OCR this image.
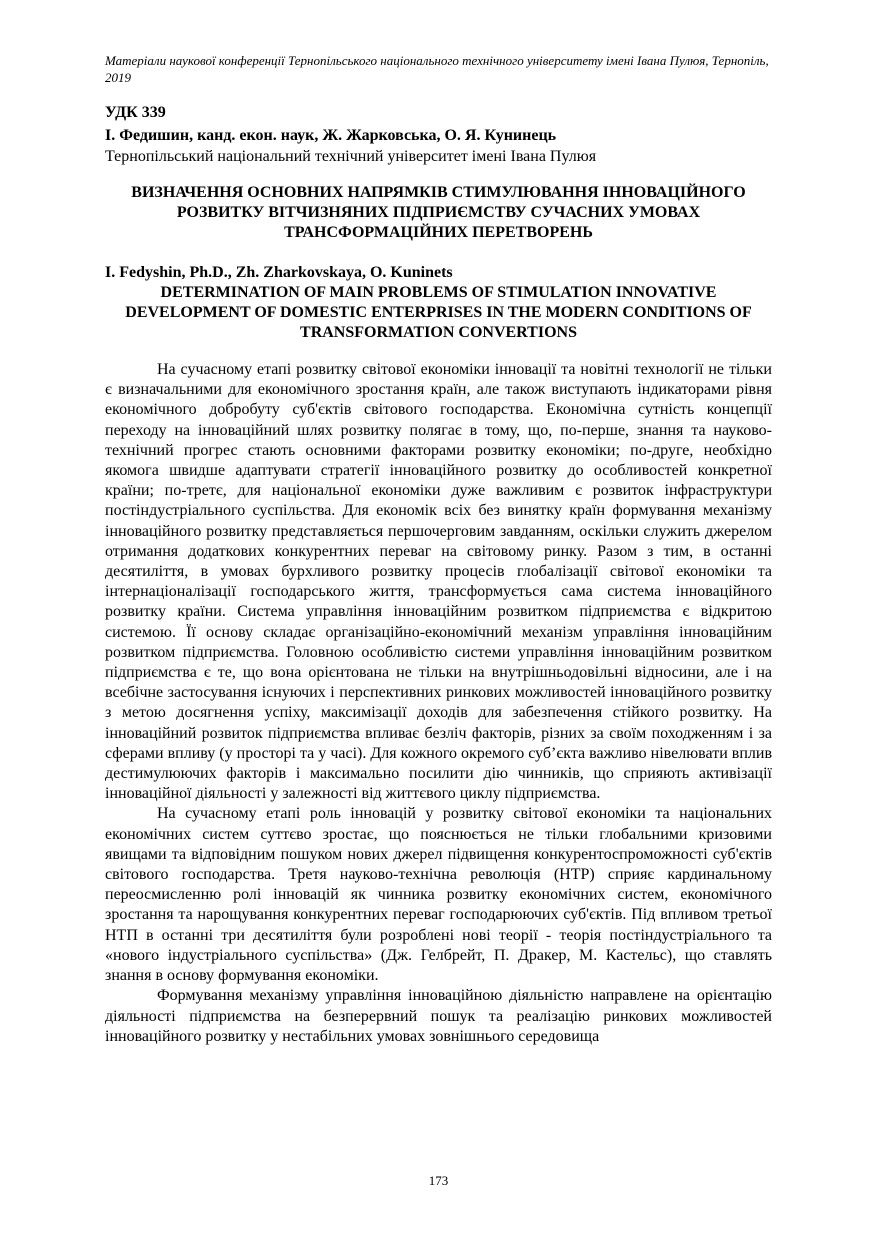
Матеріали наукової конференції Тернопільського національного технічного університету імені Івана Пулюя, Тернопіль, 2019
УДК 339
І. Федишин, канд. екон. наук, Ж. Жарковська, О. Я. Кунинець
Тернопільський національний технічний університет імені Івана Пулюя
ВИЗНАЧЕННЯ ОСНОВНИХ НАПРЯМКІВ СТИМУЛЮВАННЯ ІННОВАЦІЙНОГО РОЗВИТКУ ВІТЧИЗНЯНИХ ПІДПРИЄМСТВУ СУЧАСНИХ УМОВАХ ТРАНСФОРМАЦІЙНИХ ПЕРЕТВОРЕНЬ
I. Fedyshin, Ph.D., Zh. Zharkovskaya, O. Kuninets
DETERMINATION OF MAIN PROBLEMS OF STIMULATION INNOVATIVE DEVELOPMENT OF DOMESTIC ENTERPRISES IN THE MODERN CONDITIONS OF TRANSFORMATION CONVERTIONS

На сучасному етапі розвитку світової економіки інновації та новітні технології не тільки є визначальними для економічного зростання країн, але також виступають індикаторами рівня економічного добробуту суб'єктів світового господарства. Економічна сутність концепції переходу на інноваційний шлях розвитку полягає в тому, що, по-перше, знання та науково-технічний прогрес стають основними факторами розвитку економіки; по-друге, необхідно якомога швидше адаптувати стратегії інноваційного розвитку до особливостей конкретної країни; по-третє, для національної економіки дуже важливим є розвиток інфраструктури постіндустріального суспільства. Для економік всіх без винятку країн формування механізму інноваційного розвитку представляється першочерговим завданням, оскільки служить джерелом отримання додаткових конкурентних переваг на світовому ринку. Разом з тим, в останні десятиліття, в умовах бурхливого розвитку процесів глобалізації світової економіки та інтернаціоналізації господарського життя, трансформується сама система інноваційного розвитку країни. Система управління інноваційним розвитком підприємства є відкритою системою. Її основу складає організаційно-економічний механізм управління інноваційним розвитком підприємства. Головною особливістю системи управління інноваційним розвитком підприємства є те, що вона орієнтована не тільки на внутрішньодовільні відносини, але і на всебічне застосування існуючих і перспективних ринкових можливостей інноваційного розвитку з метою досягнення успіху, максимізації доходів для забезпечення стійкого розвитку. На інноваційний розвиток підприємства впливає безліч факторів, різних за своїм походженням і за сферами впливу (у просторі та у часі). Для кожного окремого суб’єкта важливо нівелювати вплив дестимулюючих факторів і максимально посилити дію чинників, що сприяють активізації інноваційної діяльності у залежності від життєвого циклу підприємства.

На сучасному етапі роль інновацій у розвитку світової економіки та національних економічних систем суттєво зростає, що пояснюється не тільки глобальними кризовими явищами та відповідним пошуком нових джерел підвищення конкурентоспроможності суб'єктів світового господарства. Третя науково-технічна революція (НТР) сприяє кардинальному переосмисленню ролі інновацій як чинника розвитку економічних систем, економічного зростання та нарощування конкурентних переваг господарюючих суб'єктів. Під впливом третьої НТП в останні три десятиліття були розроблені нові теорії - теорія постіндустріального та «нового індустріального суспільства» (Дж. Гелбрейт, П. Дракер, М. Кастельс), що ставлять знання в основу формування економіки.

Формування механізму управління інноваційною діяльністю направлене на орієнтацію діяльності підприємства на безперервний пошук та реалізацію ринкових можливостей інноваційного розвитку у нестабільних умовах зовнішнього середовища

173
